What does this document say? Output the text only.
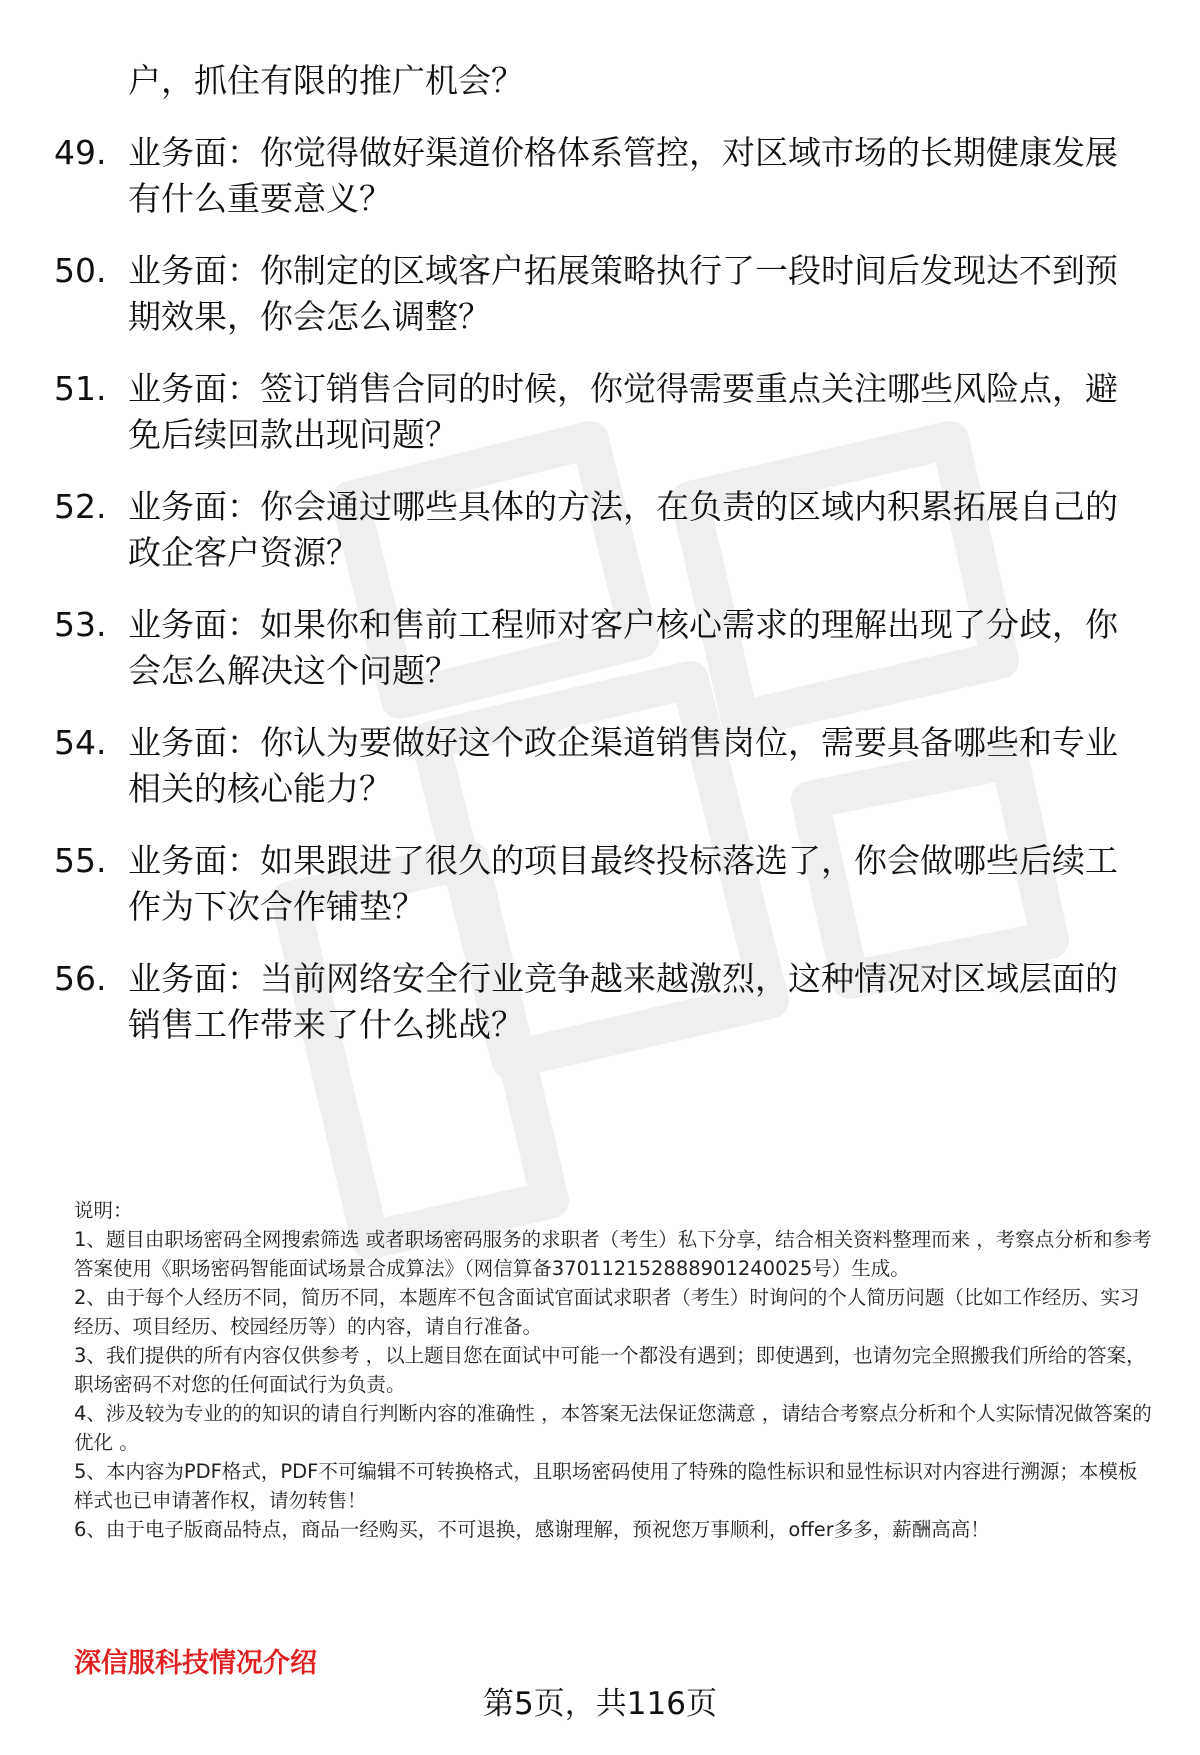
户，抓住有限的推广机会？
49. 业务面：你觉得做好渠道价格体系管控，对区域市场的长期健康发展有什么重要意义？
50. 业务面：你制定的区域客户拓展策略执行了一段时间后发现达不到预期效果，你会怎么调整？
51. 业务面：签订销售合同的时候，你觉得需要重点关注哪些风险点，避免后续回款出现问题？
52. 业务面：你会通过哪些具体的方法，在负责的区域内积累拓展自己的政企客户资源？
53. 业务面：如果你和售前工程师对客户核心需求的理解出现了分歧，你会怎么解决这个问题？
54. 业务面：你认为要做好这个政企渠道销售岗位，需要具备哪些和专业相关的核心能力？
55. 业务面：如果跟进了很久的项目最终投标落选了，你会做哪些后续工作为下次合作铺垫？
56. 业务面：当前网络安全行业竞争越来越激烈，这种情况对区域层面的销售工作带来了什么挑战？

说明：

1、题目由职场密码全网搜索筛选 或者职场密码服务的求职者（考生）私下分享，结合相关资料整理而来 ，考察点分析和参考答案使用《职场密码智能面试场景合成算法》（网信算备370112152888901240025号）生成。

2、由于每个人经历不同，简历不同，本题库不包含面试官面试求职者（考生）时询问的个人简历问题（比如工作经历、实习经历、项目经历、校园经历等）的内容，请自行准备。

3、我们提供的所有内容仅供参考 ，以上题目您在面试中可能一个都没有遇到；即使遇到，也请勿完全照搬我们所给的答案，职场密码不对您的任何面试行为负责。

4、涉及较为专业的的知识的请自行判断内容的准确性 ，本答案无法保证您满意 ，请结合考察点分析和个人实际情况做答案的优化 。

5、本内容为PDF格式，PDF不可编辑不可转换格式，且职场密码使用了特殊的隐性标识和显性标识对内容进行溯源；本模板样式也已申请著作权，请勿转售！

6、由于电子版商品特点，商品一经购买，不可退换，感谢理解，预祝您万事顺利，offer多多，薪酬高高！

深信服科技情况介绍
第5页，共116页
